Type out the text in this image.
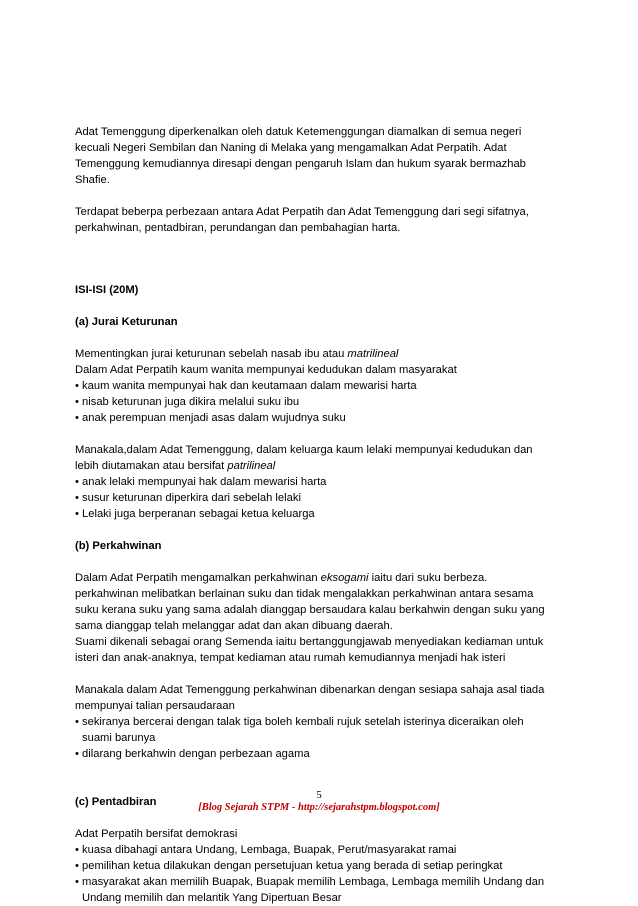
Adat Temenggung diperkenalkan oleh datuk Ketemenggungan diamalkan di semua negeri

kecuali Negeri Sembilan dan Naning di Melaka yang mengamalkan Adat Perpatih. Adat

Temenggung kemudiannya diresapi dengan pengaruh Islam dan hukum syarak bermazhab

Shafie.

Terdapat beberpa perbezaan antara Adat Perpatih dan Adat Temenggung dari segi sifatnya,

perkahwinan, pentadbiran, perundangan dan pembahagian harta.

ISI-ISI (20M)

(a) Jurai Keturunan

Mementingkan jurai keturunan sebelah nasab ibu atau matrilineal

Dalam Adat Perpatih kaum wanita mempunyai kedudukan dalam masyarakat

• kaum wanita mempunyai hak dan keutamaan dalam mewarisi harta

• nisab keturunan juga dikira melalui suku ibu

• anak perempuan menjadi asas dalam wujudnya suku

Manakala,dalam Adat Temenggung, dalam keluarga kaum lelaki mempunyai kedudukan dan

lebih diutamakan atau bersifat patrilineal

• anak lelaki mempunyai hak dalam mewarisi harta

• susur keturunan diperkira dari sebelah lelaki

• Lelaki juga berperanan sebagai ketua keluarga

(b) Perkahwinan

Dalam Adat Perpatih mengamalkan perkahwinan eksogami iaitu dari suku berbeza.

perkahwinan melibatkan berlainan suku dan tidak mengalakkan perkahwinan antara sesama

suku kerana suku yang sama adalah dianggap bersaudara kalau berkahwin dengan suku yang

sama dianggap telah melanggar adat dan akan dibuang daerah.

Suami dikenali sebagai orang Semenda iaitu bertanggungjawab menyediakan kediaman untuk

isteri dan anak-anaknya, tempat kediaman atau rumah kemudiannya menjadi hak isteri

Manakala dalam Adat Temenggung perkahwinan dibenarkan dengan sesiapa sahaja asal tiada

mempunyai talian persaudaraan

• sekiranya bercerai dengan talak tiga boleh kembali rujuk setelah isterinya diceraikan oleh

suami barunya

• dilarang berkahwin dengan perbezaan agama

(c) Pentadbiran

Adat Perpatih bersifat demokrasi

• kuasa dibahagi antara Undang, Lembaga, Buapak, Perut/masyarakat ramai

• pemilihan ketua dilakukan dengan persetujuan ketua yang berada di setiap peringkat

• masyarakat akan memilih Buapak, Buapak memilih Lembaga, Lembaga memilih Undang dan

Undang memilih dan melantik Yang Dipertuan Besar

5
[Blog Sejarah STPM - http://sejarahstpm.blogspot.com]
